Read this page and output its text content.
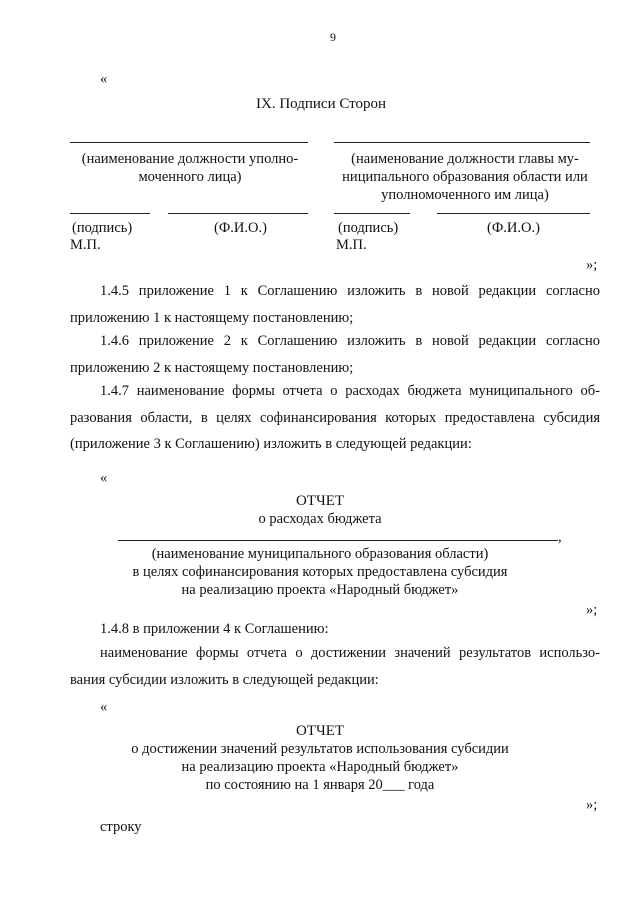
9
«
IX. Подписи Сторон
(наименование должности уполно-моченного лица)
(подпись)	(Ф.И.О.)
М.П.
(наименование должности главы му-ниципального образования области или уполномоченного им лица)
(подпись)	(Ф.И.О.)
М.П.
»;

1.4.5 приложение 1 к Соглашению изложить в новой редакции согласно приложению 1 к настоящему постановлению;

1.4.6 приложение 2 к Соглашению изложить в новой редакции согласно приложению 2 к настоящему постановлению;

1.4.7 наименование формы отчета о расходах бюджета муниципального об-разования области, в целях софинансирования которых предоставлена субсидия (приложение 3 к Соглашению) изложить в следующей редакции:

«
ОТЧЕТ
о расходах бюджета
,
(наименование муниципального образования области)
в целях софинансирования которых предоставлена субсидия
на реализацию проекта «Народный бюджет»
»;
1.4.8 в приложении 4 к Соглашению:

наименование формы отчета о достижении значений результатов использо-вания субсидии изложить в следующей редакции:

«
ОТЧЕТ
о достижении значений результатов использования субсидии
на реализацию проекта «Народный бюджет»
по состоянию на 1 января 20___ года
»;
строку
